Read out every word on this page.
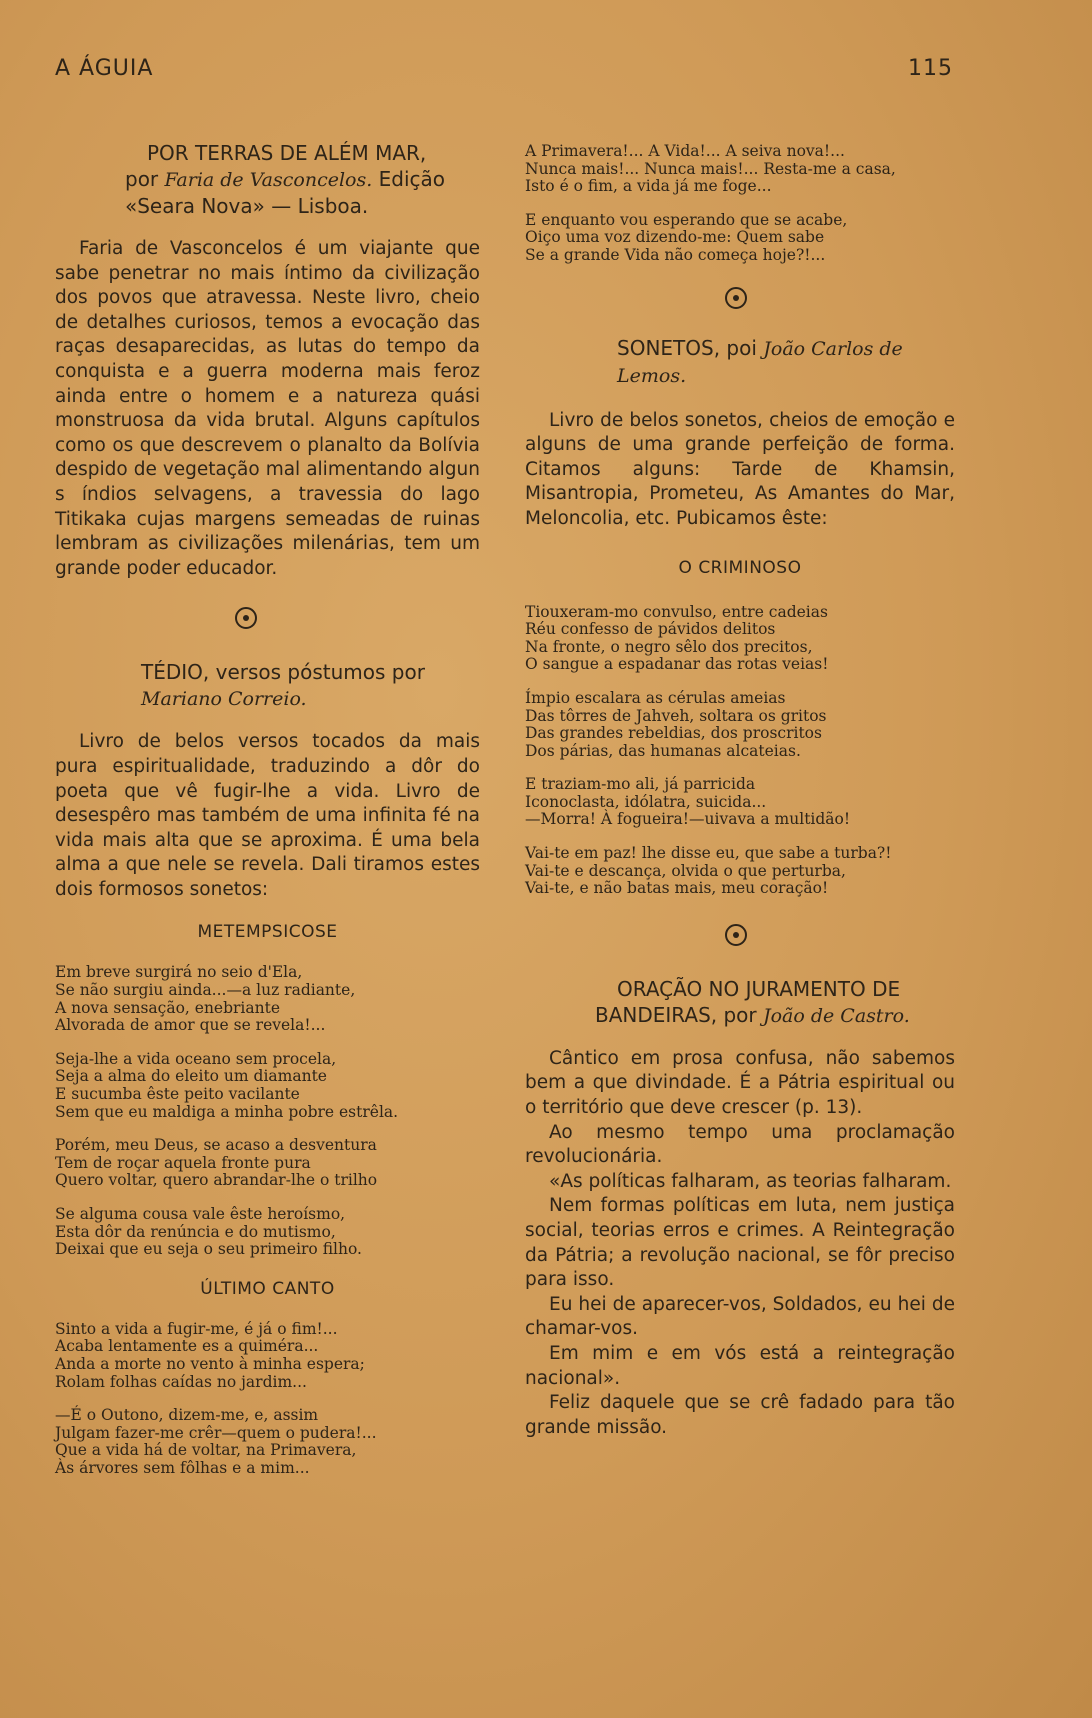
A ÁGUIA	115

POR TERRAS DE ALÉM MAR,

por Faria de Vasconcelos. Edição «Seara Nova» — Lisboa.

Faria de Vasconcelos é um viajante que sabe penetrar no mais íntimo da civilização dos povos que atravessa. Neste livro, cheio de detalhes curiosos, temos a evocação das raças desaparecidas, as lutas do tempo da conquista e a guerra moderna mais feroz ainda entre o homem e a natureza quási monstruosa da vida brutal. Alguns capítulos como os que descrevem o planalto da Bolívia despido de vegetação mal alimentando algun s índios selvagens, a travessia do lago Titikaka cujas margens semeadas de ruinas lembram as civilizações milenárias, tem um grande poder educador.

TÉDIO, versos póstumos por Mariano Correio.

Livro de belos versos tocados da mais pura espiritualidade, traduzindo a dôr do poeta que vê fugir-lhe a vida. Livro de desespêro mas também de uma infinita fé na vida mais alta que se aproxima. É uma bela alma a que nele se revela. Dali tiramos estes dois formosos sonetos:

METEMPSICOSE

Em breve surgirá no seio d'Ela,
Se não surgiu ainda...—a luz radiante,
A nova sensação, enebriante
Alvorada de amor que se revela!...

Seja-lhe a vida oceano sem procela,
Seja a alma do eleito um diamante
E sucumba êste peito vacilante
Sem que eu maldiga a minha pobre estrêla.

Porém, meu Deus, se acaso a desventura
Tem de roçar aquela fronte pura
Quero voltar, quero abrandar-lhe o trilho

Se alguma cousa vale êste heroísmo,
Esta dôr da renúncia e do mutismo,
Deixai que eu seja o seu primeiro filho.

ÚLTIMO CANTO

Sinto a vida a fugir-me, é já o fim!...
Acaba lentamente es a quiméra...
Anda a morte no vento à minha espera;
Rolam folhas caídas no jardim...

—É o Outono, dizem-me, e, assim
Julgam fazer-me crêr—quem o pudera!...
Que a vida há de voltar, na Primavera,
Às árvores sem fôlhas e a mim...

A Primavera!... A Vida!... A seiva nova!...
Nunca mais!... Nunca mais!... Resta-me a casa,
Isto é o fim, a vida já me foge...

E enquanto vou esperando que se acabe,
Oiço uma voz dizendo-me: Quem sabe
Se a grande Vida não começa hoje?!...

SONETOS, poi João Carlos de Lemos.

Livro de belos sonetos, cheios de emoção e alguns de uma grande perfeição de forma. Citamos alguns: Tarde de Khamsin, Misantropia, Prometeu, As Amantes do Mar, Meloncolia, etc. Pubicamos êste:

O CRIMINOSO

Tiouxeram-mo convulso, entre cadeias
Réu confesso de pávidos delitos
Na fronte, o negro sêlo dos precitos,
O sangue a espadanar das rotas veias!

Ímpio escalara as cérulas ameias
Das tôrres de Jahveh, soltara os gritos
Das grandes rebeldias, dos proscritos
Dos párias, das humanas alcateias.

E traziam-mo ali, já parricida
Iconoclasta, idólatra, suicida...
—Morra! À fogueira!—uivava a multidão!

Vai-te em paz! lhe disse eu, que sabe a turba?!
Vai-te e descança, olvida o que perturba,
Vai-te, e não batas mais, meu coração!

ORAÇÃO NO JURAMENTO DE

BANDEIRAS, por João de Castro.

Cântico em prosa confusa, não sabemos bem a que divindade. É a Pátria espiritual ou o território que deve crescer (p. 13).

Ao mesmo tempo uma proclamação revolucionária.

«As políticas falharam, as teorias falharam.

Nem formas políticas em luta, nem justiça social, teorias erros e crimes. A Reintegração da Pátria; a revolução nacional, se fôr preciso para isso.

Eu hei de aparecer-vos, Soldados, eu hei de chamar-vos.

Em mim e em vós está a reintegração nacional».

Feliz daquele que se crê fadado para tão grande missão.
